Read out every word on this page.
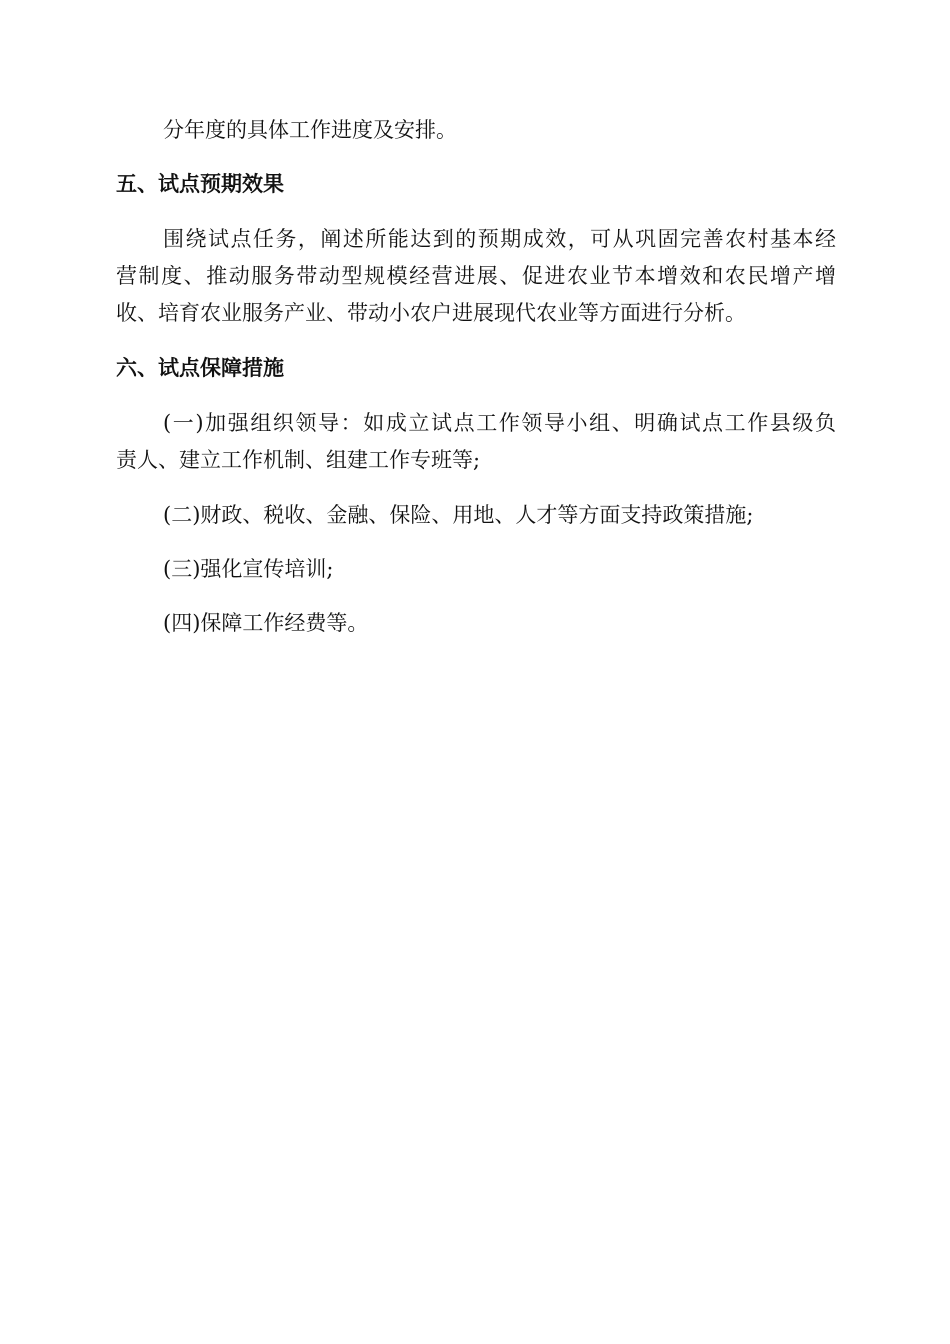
分年度的具体工作进度及安排。
五、试点预期效果
围绕试点任务，阐述所能达到的预期成效，可从巩固完善农村基本经
营制度、推动服务带动型规模经营进展、促进农业节本增效和农民增产增
收、培育农业服务产业、带动小农户进展现代农业等方面进行分析。
六、试点保障措施
(一)加强组织领导：如成立试点工作领导小组、明确试点工作县级负
责人、建立工作机制、组建工作专班等;
(二)财政、税收、金融、保险、用地、人才等方面支持政策措施;
(三)强化宣传培训;
(四)保障工作经费等。
